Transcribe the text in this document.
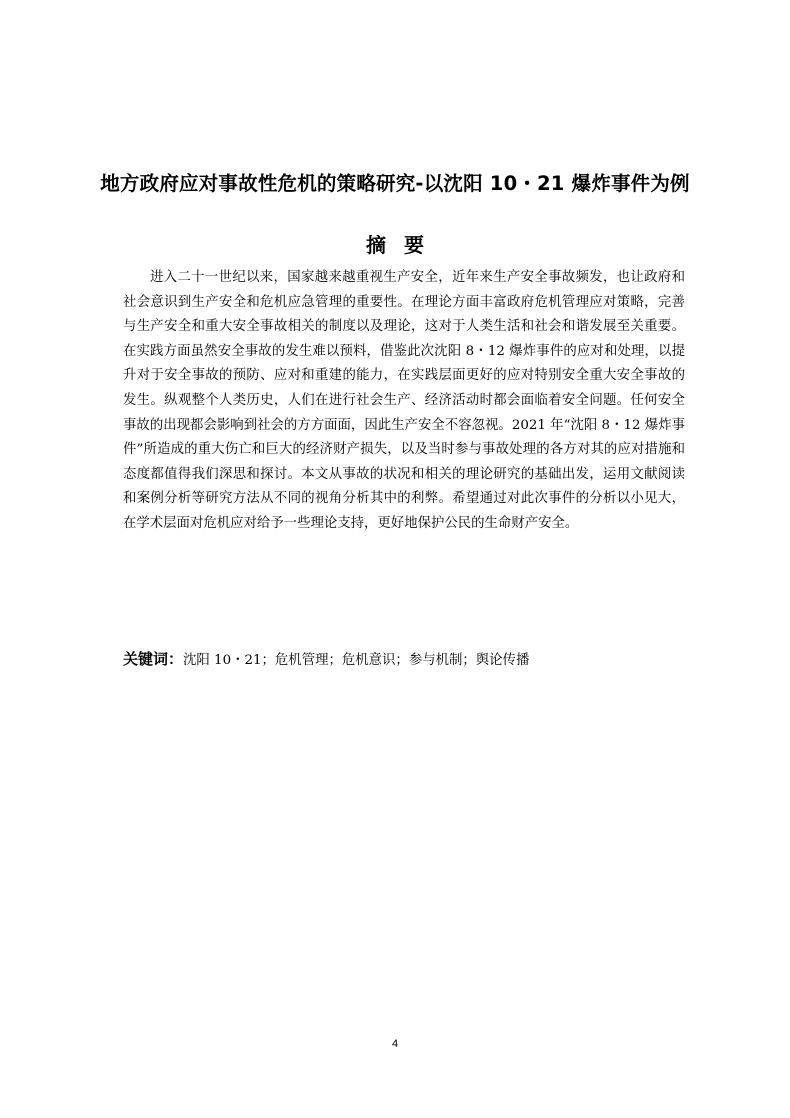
地方政府应对事故性危机的策略研究-以沈阳 10・21 爆炸事件为例
摘要

进入二十一世纪以来，国家越来越重视生产安全，近年来生产安全事故频发，也让政府和社会意识到生产安全和危机应急管理的重要性。在理论方面丰富政府危机管理应对策略，完善与生产安全和重大安全事故相关的制度以及理论，这对于人类生活和社会和谐发展至关重要。在实践方面虽然安全事故的发生难以预料，借鉴此次沈阳 8・12 爆炸事件的应对和处理，以提升对于安全事故的预防、应对和重建的能力，在实践层面更好的应对特别安全重大安全事故的发生。纵观整个人类历史，人们在进行社会生产、经济活动时都会面临着安全问题。任何安全事故的出现都会影响到社会的方方面面，因此生产安全不容忽视。2021 年“沈阳 8・12 爆炸事件”所造成的重大伤亡和巨大的经济财产损失，以及当时参与事故处理的各方对其的应对措施和态度都值得我们深思和探讨。本文从事故的状况和相关的理论研究的基础出发，运用文献阅读和案例分析等研究方法从不同的视角分析其中的利弊。希望通过对此次事件的分析以小见大，在学术层面对危机应对给予一些理论支持，更好地保护公民的生命财产安全。

关键词：沈阳 10・21；危机管理；危机意识；参与机制；舆论传播
4
